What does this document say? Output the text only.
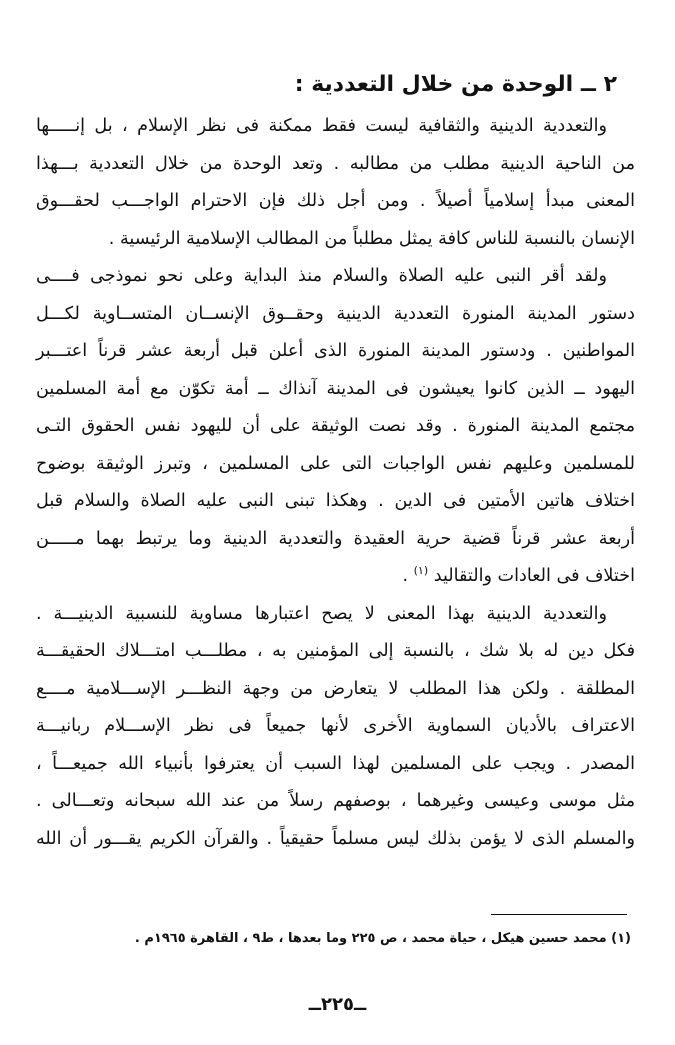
٢ ــ الوحدة من خلال التعددية :
والتعددية الدينية والثقافية ليست فقط ممكنة فى نظر الإسلام ، بل إنـــــها
من الناحية الدينية مطلب من مطالبه . وتعد الوحدة من خلال التعددية بـــهذا
المعنى مبدأ إسلامياً أصيلاً . ومن أجل ذلك فإن الاحترام الواجـــب لحقـــوق
الإنسان بالنسبة للناس كافة يمثل مطلباً من المطالب الإسلامية الرئيسية .
ولقد أقر النبى عليه الصلاة والسلام منذ البداية وعلى نحو نموذجى فــــى
دستور المدينة المنورة التعددية الدينية وحقــوق الإنســان المتســاوية لكـــل
المواطنين . ودستور المدينة المنورة الذى أعلن قبل أربعة عشر قرناً اعتـــبر
اليهود ــ الذين كانوا يعيشون فى المدينة آنذاك ــ أمة تكوّن مع أمة المسلمين
مجتمع المدينة المنورة . وقد نصت الوثيقة على أن لليهود نفس الحقوق التـى
للمسلمين وعليهم نفس الواجبات التى على المسلمين ، وتبرز الوثيقة بوضوح
اختلاف هاتين الأمتين فى الدين . وهكذا تبنى النبى عليه الصلاة والسلام قبل
أربعة عشر قرناً قضية حرية العقيدة والتعددية الدينية وما يرتبط بهما مـــــن
اختلاف فى العادات والتقاليد $^{(١)}$ .
والتعددية الدينية بهذا المعنى لا يصح اعتبارها مساوية للنسبية الدينيـــة .
فكل دين له بلا شك ، بالنسبة إلى المؤمنين به ، مطلـــب امتـــلاك الحقيقـــة
المطلقة . ولكن هذا المطلب لا يتعارض من وجهة النظـــر الإســـلامية مــــع
الاعتراف بالأديان السماوية الأخرى لأنها جميعاً فى نظر الإســـلام ربانيـــة
المصدر . ويجب على المسلمين لهذا السبب أن يعترفوا بأنبياء الله جميعـــاً ،
مثل موسى وعيسى وغيرهما ، بوصفهم رسلاً من عند الله سبحانه وتعـــالى .
والمسلم الذى لا يؤمن بذلك ليس مسلماً حقيقياً . والقرآن الكريم يقـــور أن الله
(١) محمد حسين هيكل ، حياة محمد ، ص ٢٢٥ وما بعدها ، ط٩ ، القاهرة ١٩٦٥م .
ــ٢٢٥ــ
